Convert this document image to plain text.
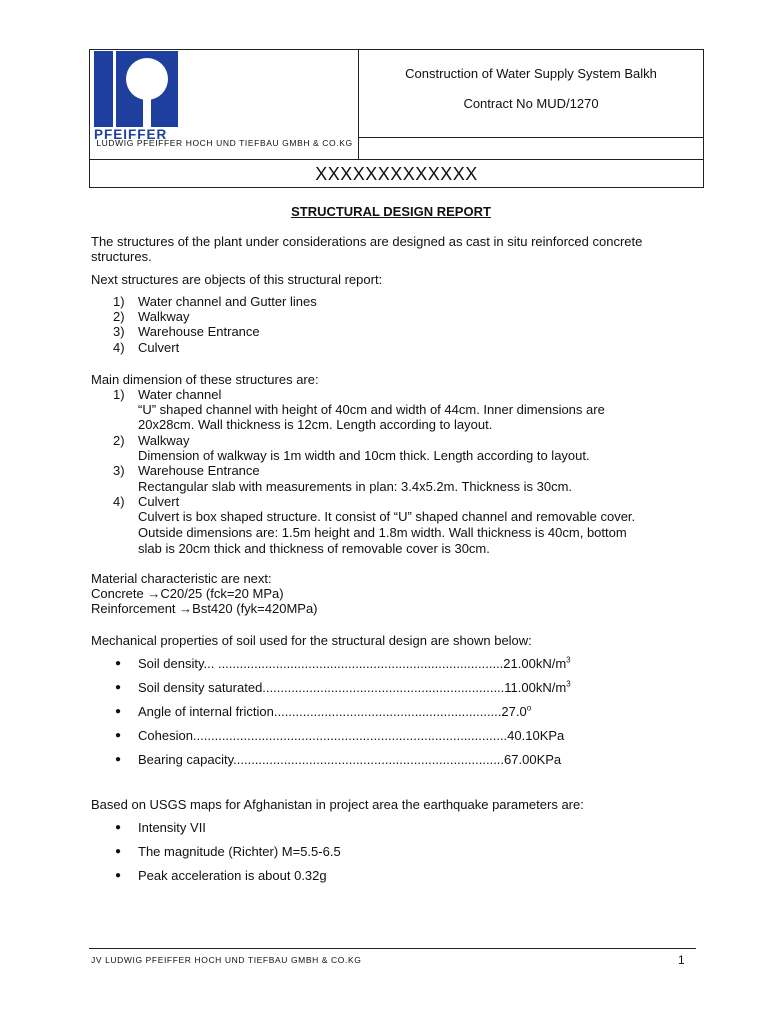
PFEIFFER
LUDWIG PFEIFFER HOCH UND TIEFBAU GMBH & CO.KG
Construction of Water Supply System Balkh
Contract No MUD/1270
XXXXXXXXXXXXX
STRUCTURAL DESIGN REPORT
The structures of the plant under considerations are designed as cast in situ reinforced concrete structures.
Next structures are objects of this structural report:
1)	Water channel and Gutter lines
2)	Walkway
3)	Warehouse Entrance
4)	Culvert
Main dimension of these structures are:
1)	Water channel
“U” shaped channel with height of 40cm and width of 44cm. Inner dimensions are
20x28cm. Wall thickness is 12cm. Length according to layout.
2)	Walkway
Dimension of walkway is 1m width and 10cm thick. Length according to layout.
3)	Warehouse Entrance
Rectangular slab with measurements in plan: 3.4x5.2m. Thickness is 30cm.
4)	Culvert
Culvert is box shaped structure. It consist of “U” shaped channel and removable cover.
Outside dimensions are: 1.5m height and 1.8m width. Wall thickness is 40cm, bottom
slab is 20cm thick and thickness of removable cover is 30cm.
Material characteristic are next:
Concrete →C20/25 (fck=20 MPa)
Reinforcement →Bst420 (fyk=420MPa)
Mechanical properties of soil used for the structural design are shown below:
● Soil density... $...............................................................................21.00kN/m^3$
● Soil density $saturated...................................................................11.00kN/m^3$
● Angle of internal friction...............................................................27.0$^o$
● Cohesion.......................................................................................40.10KPa
● Bearing capacity...........................................................................67.00KPa
Based on USGS maps for Afghanistan in project area the earthquake parameters are:
● Intensity VII
● The magnitude (Richter) M=5.5-6.5
● Peak acceleration is about 0.32g
JV LUDWIG PFEIFFER HOCH UND TIEFBAU GMBH & CO.KG	1
